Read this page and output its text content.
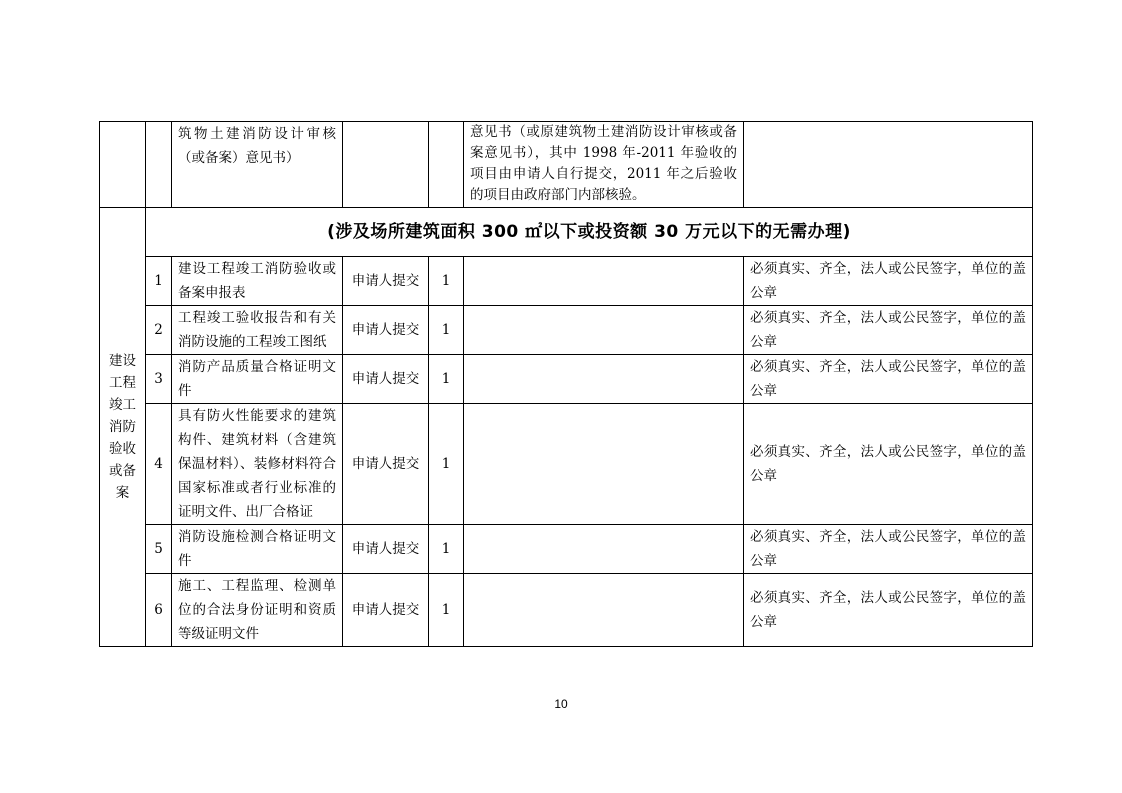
		筑物土建消防设计审核（或备案）意见书）			意见书（或原建筑物土建消防设计审核或备案意见书），其中 1998 年-2011 年验收的项目由申请人自行提交，2011 年之后验收的项目由政府部门内部核验。	
建设工程竣工消防验收或备案	(涉及场所建筑面积 300 ㎡以下或投资额 30 万元以下的无需办理)					
	1	建设工程竣工消防验收或备案申报表	申请人提交	1		必须真实、齐全，法人或公民签字，单位的盖公章
	2	工程竣工验收报告和有关消防设施的工程竣工图纸	申请人提交	1		必须真实、齐全，法人或公民签字，单位的盖公章
	3	消防产品质量合格证明文件	申请人提交	1		必须真实、齐全，法人或公民签字，单位的盖公章
	4	具有防火性能要求的建筑构件、建筑材料（含建筑保温材料）、装修材料符合国家标准或者行业标准的证明文件、出厂合格证	申请人提交	1		必须真实、齐全，法人或公民签字，单位的盖公章
	5	消防设施检测合格证明文件	申请人提交	1		必须真实、齐全，法人或公民签字，单位的盖公章
	6	施工、工程监理、检测单位的合法身份证明和资质等级证明文件	申请人提交	1		必须真实、齐全，法人或公民签字，单位的盖公章
10
